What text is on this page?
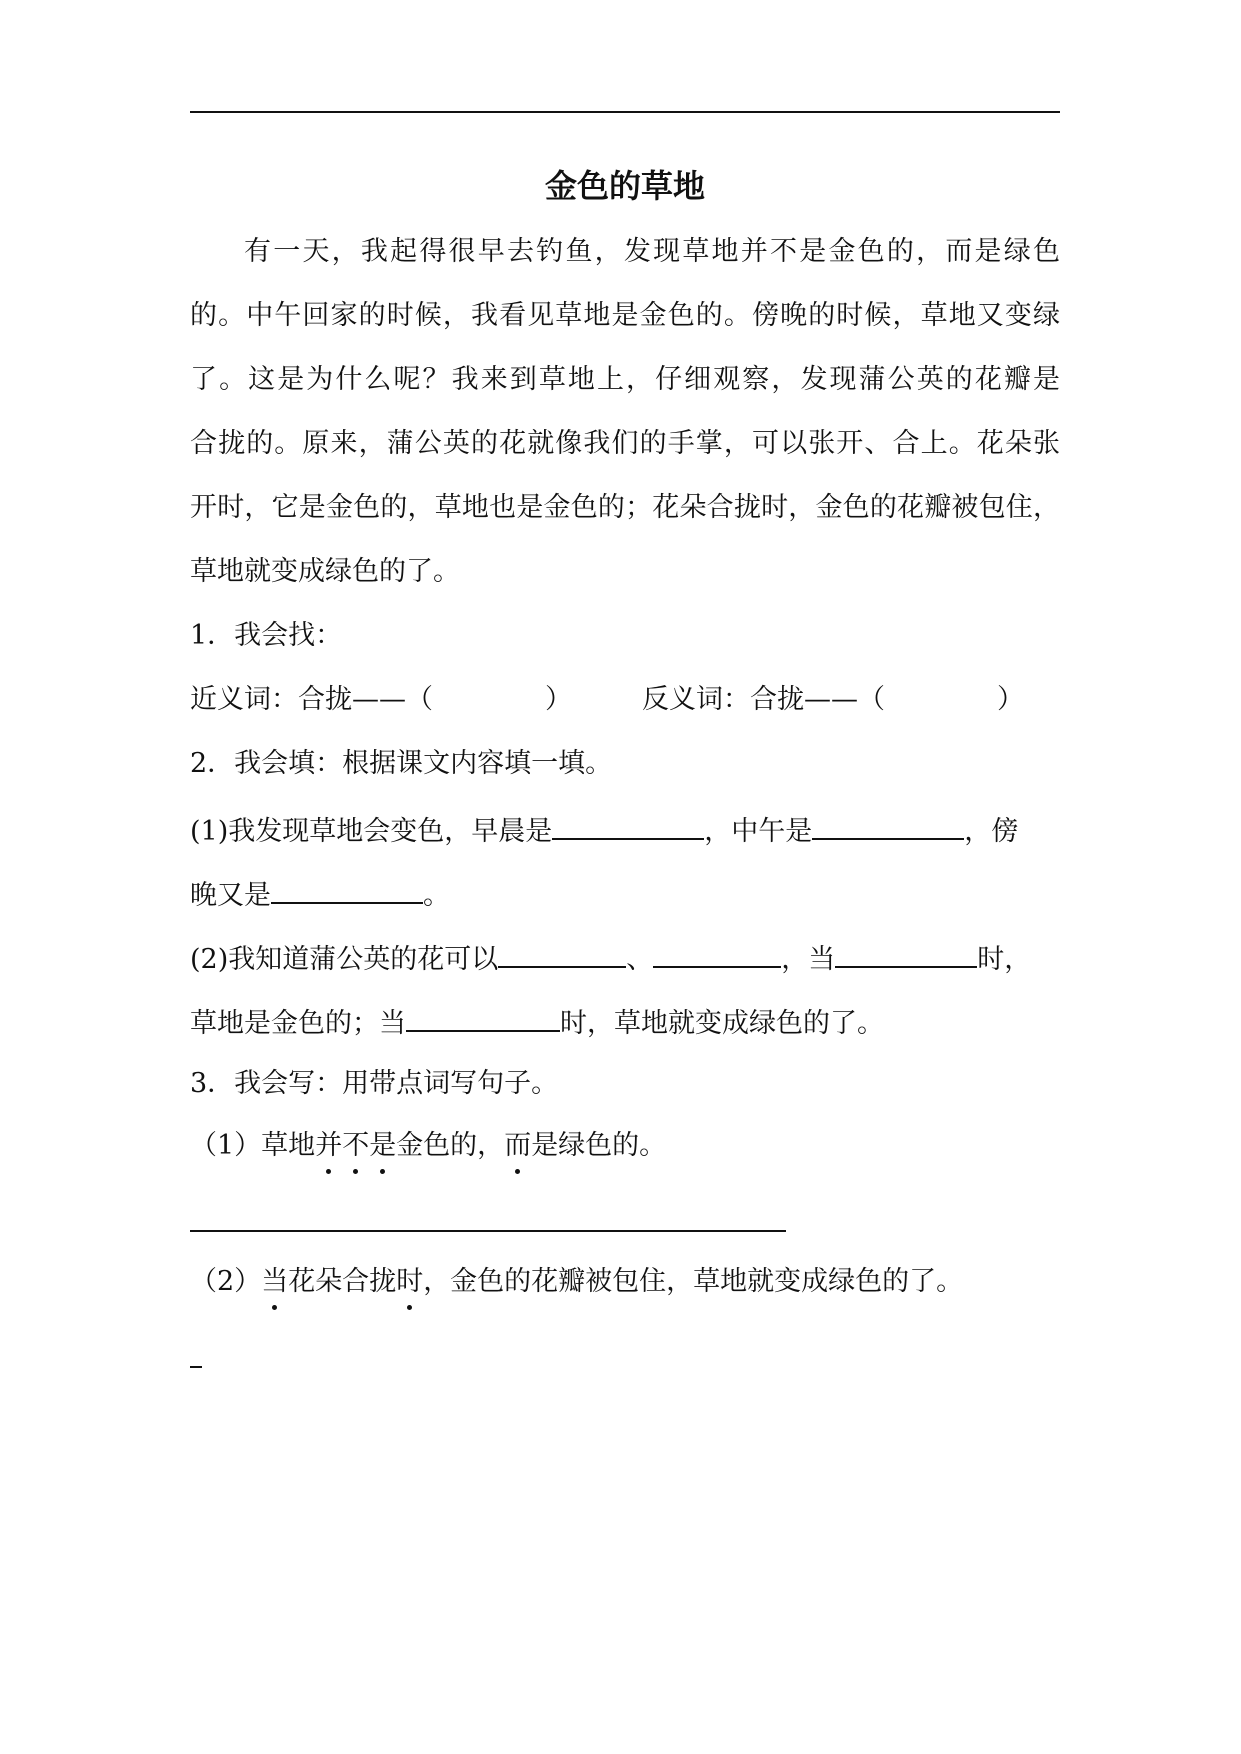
金色的草地
有一天，我起得很早去钓鱼，发现草地并不是金色的，而是绿色
的。中午回家的时候，我看见草地是金色的。傍晚的时候，草地又变绿
了。这是为什么呢？我来到草地上，仔细观察，发现蒲公英的花瓣是
合拢的。原来，蒲公英的花就像我们的手掌，可以张开、合上。花朵张
开时，它是金色的，草地也是金色的；花朵合拢时，金色的花瓣被包住，
草地就变成绿色的了。
1．我会找：
近义词：合拢——（	）	反义词：合拢——（	）
2．我会填：根据课文内容填一填。
(1)我发现草地会变色，早晨是	，中午是	，傍
晚又是	。
(2)我知道蒲公英的花可以	、	，当	时，
草地是金色的；当	时，草地就变成绿色的了。
3．我会写：用带点词写句子。
（1）草地并不是金色的，而是绿色的。
（2）当花朵合拢时，金色的花瓣被包住，草地就变成绿色的了。
